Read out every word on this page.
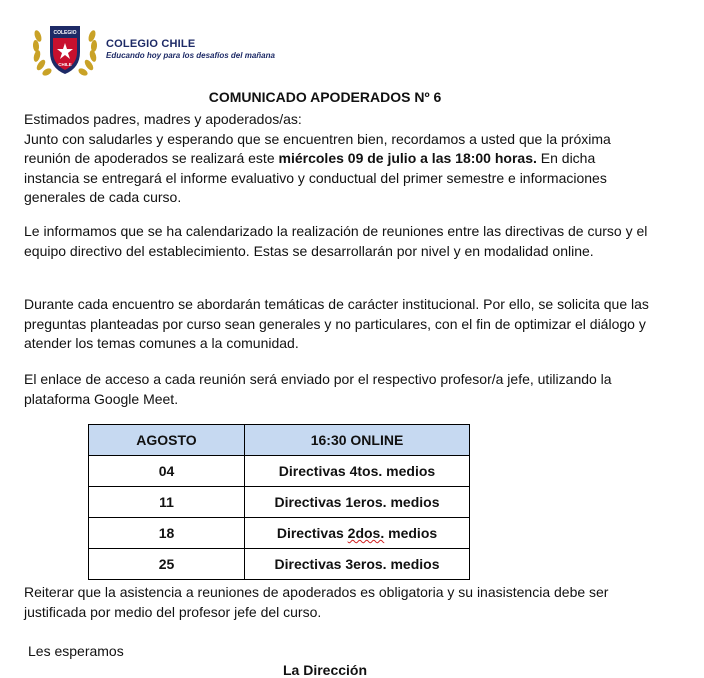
COLEGIO
CHILE
COLEGIO CHILE
Educando hoy para los desafíos del mañana
COMUNICADO APODERADOS Nº 6
Estimados padres, madres y apoderados/as:
Junto con saludarles y esperando que se encuentren bien, recordamos a usted que la próxima reunión de apoderados se realizará este miércoles 09 de julio a las 18:00 horas. En dicha instancia se entregará el informe evaluativo y conductual del primer semestre e informaciones generales de cada curso.
Le informamos que se ha calendarizado la realización de reuniones entre las directivas de curso y el equipo directivo del establecimiento. Estas se desarrollarán por nivel y en modalidad online.
Durante cada encuentro se abordarán temáticas de carácter institucional. Por ello, se solicita que las preguntas planteadas por curso sean generales y no particulares, con el fin de optimizar el diálogo y atender los temas comunes a la comunidad.
El enlace de acceso a cada reunión será enviado por el respectivo profesor/a jefe, utilizando la plataforma Google Meet.
AGOSTO	16:30 ONLINE
04	Directivas 4tos. medios
11	Directivas 1eros. medios
18	Directivas 2dos. medios
25	Directivas 3eros. medios
Reiterar que la asistencia a reuniones de apoderados es obligatoria y su inasistencia debe ser justificada por medio del profesor jefe del curso.
Les esperamos
La Dirección
